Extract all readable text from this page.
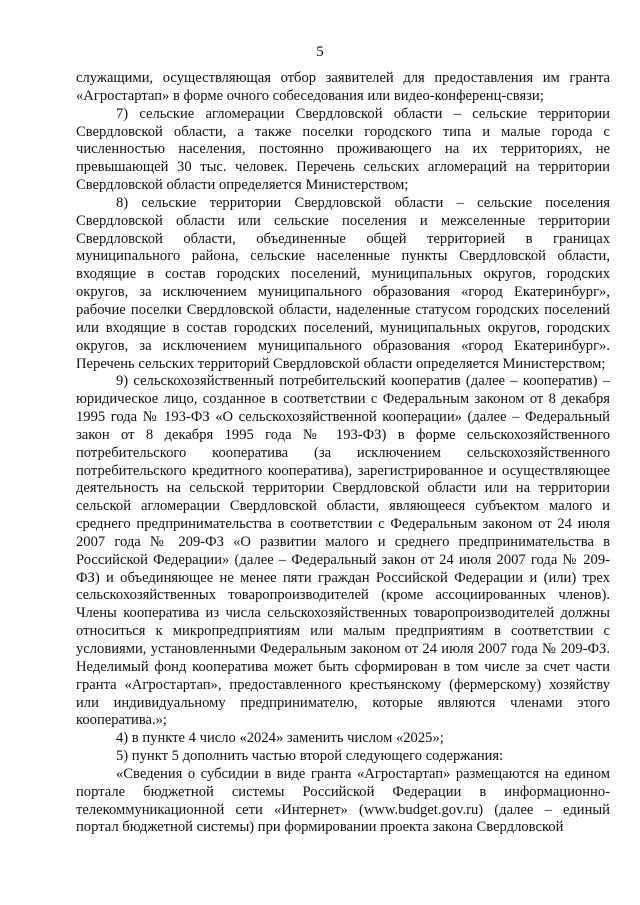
5

служащими, осуществляющая отбор заявителей для предоставления им гранта «Агростартап» в форме очного собеседования или видео-конференц-связи;

7) сельские агломерации Свердловской области – сельские территории Свердловской области, а также поселки городского типа и малые города с численностью населения, постоянно проживающего на их территориях, не превышающей 30 тыс. человек. Перечень сельских агломераций на территории Свердловской области определяется Министерством;

8) сельские территории Свердловской области – сельские поселения Свердловской области или сельские поселения и межселенные территории Свердловской области, объединенные общей территорией в границах муниципального района, сельские населенные пункты Свердловской области, входящие в состав городских поселений, муниципальных округов, городских округов, за исключением муниципального образования «город Екатеринбург», рабочие поселки Свердловской области, наделенные статусом городских поселений или входящие в состав городских поселений, муниципальных округов, городских округов, за исключением муниципального образования «город Екатеринбург». Перечень сельских территорий Свердловской области определяется Министерством;

9) сельскохозяйственный потребительский кооператив (далее – кооператив) – юридическое лицо, созданное в соответствии с Федеральным законом от 8 декабря 1995 года № 193-ФЗ «О сельскохозяйственной кооперации» (далее – Федеральный закон от 8 декабря 1995 года № 193-ФЗ) в форме сельскохозяйственного потребительского кооператива (за исключением сельскохозяйственного потребительского кредитного кооператива), зарегистрированное и осуществляющее деятельность на сельской территории Свердловской области или на территории сельской агломерации Свердловской области, являющееся субъектом малого и среднего предпринимательства в соответствии с Федеральным законом от 24 июля 2007 года № 209-ФЗ «О развитии малого и среднего предпринимательства в Российской Федерации» (далее – Федеральный закон от 24 июля 2007 года № 209-ФЗ) и объединяющее не менее пяти граждан Российской Федерации и (или) трех сельскохозяйственных товаропроизводителей (кроме ассоциированных членов). Члены кооператива из числа сельскохозяйственных товаропроизводителей должны относиться к микропредприятиям или малым предприятиям в соответствии с условиями, установленными Федеральным законом от 24 июля 2007 года № 209-ФЗ. Неделимый фонд кооператива может быть сформирован в том числе за счет части гранта «Агростартап», предоставленного крестьянскому (фермерскому) хозяйству или индивидуальному предпринимателю, которые являются членами этого кооператива.»;

4) в пункте 4 число «2024» заменить числом «2025»;

5) пункт 5 дополнить частью второй следующего содержания:

«Сведения о субсидии в виде гранта «Агростартап» размещаются на едином портале бюджетной системы Российской Федерации в информационно-телекоммуникационной сети «Интернет» (www.budget.gov.ru) (далее – единый портал бюджетной системы) при формировании проекта закона Свердловской
